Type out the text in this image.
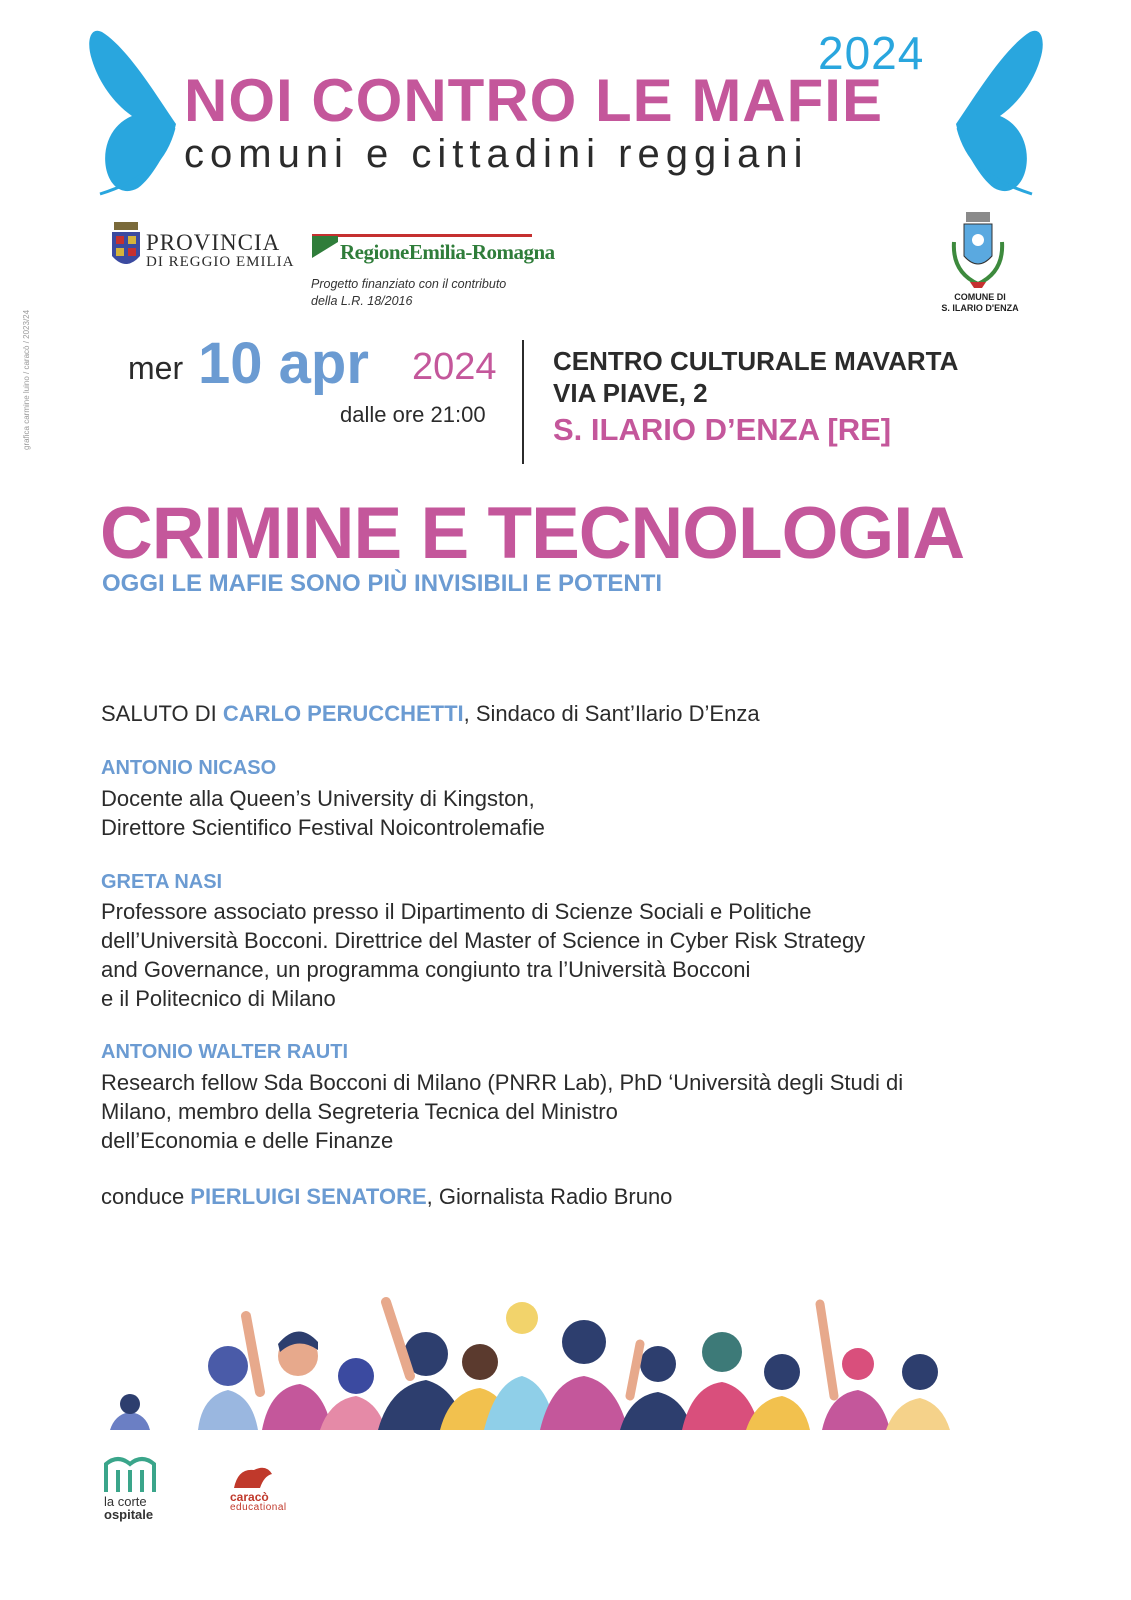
2024
NOI CONTRO LE MAFIE
comuni e cittadini reggiani
PROVINCIA
DI REGGIO EMILIA RegioneEmilia-Romagna
Progetto finanziato con il contributo
della L.R. 18/2016	COMUNE DI
S. ILARIO D'ENZA
grafica carmine luino / caracò / 2023/24	mer 10 apr 2024
dalle ore 21:00
CENTRO CULTURALE MAVARTA
VIA PIAVE, 2
S. ILARIO D’ENZA [RE]
CRIMINE E TECNOLOGIA
OGGI LE MAFIE SONO PIÙ INVISIBILI E POTENTI
SALUTO DI CARLO PERUCCHETTI, Sindaco di Sant’Ilario D’Enza
ANTONIO NICASO
Docente alla Queen’s University di Kingston,
Direttore Scientifico Festival Noicontrolemafie
GRETA NASI
Professore associato presso il Dipartimento di Scienze Sociali e Politiche
dell’Università Bocconi. Direttrice del Master of Science in Cyber Risk Strategy
and Governance, un programma congiunto tra l’Università Bocconi
e il Politecnico di Milano
ANTONIO WALTER RAUTI
Research fellow Sda Bocconi di Milano (PNRR Lab), PhD ‘Università degli Studi di
Milano, membro della Segreteria Tecnica del Ministro
dell’Economia e delle Finanze
conduce PIERLUIGI SENATORE, Giornalista Radio Bruno
la corte
ospitale
caracò
educational
